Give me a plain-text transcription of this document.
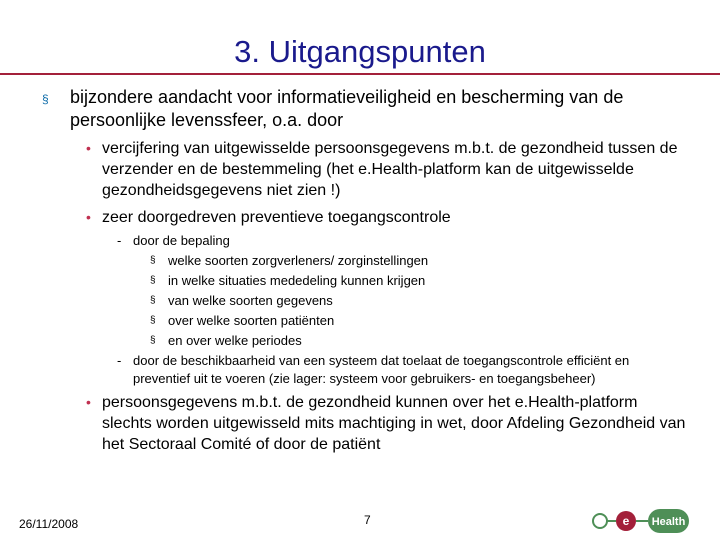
3. Uitgangspunten
§	bijzondere aandacht voor informatieveiligheid en bescherming van de persoonlijke levenssfeer, o.a. door
• vercijfering van uitgewisselde persoonsgegevens m.b.t. de gezondheid tussen de verzender en de bestemmeling (het e.Health-platform kan de uitgewisselde gezondheidsgegevens niet zien !)
• zeer doorgedreven preventieve toegangscontrole
- door de bepaling
§ welke soorten zorgverleners/ zorginstellingen
§ in welke situaties mededeling kunnen krijgen
§ van welke soorten gegevens
§ over welke soorten patiënten
§ en over welke periodes
- door de beschikbaarheid van een systeem dat toelaat de toegangscontrole efficiënt en preventief uit te voeren (zie lager: systeem voor gebruikers- en toegangsbeheer)
• persoonsgegevens m.b.t. de gezondheid kunnen over het e.Health-platform slechts worden uitgewisseld mits machtiging in wet, door Afdeling Gezondheid van het Sectoraal Comité of door de patiënt
26/11/2008	7	e Health
